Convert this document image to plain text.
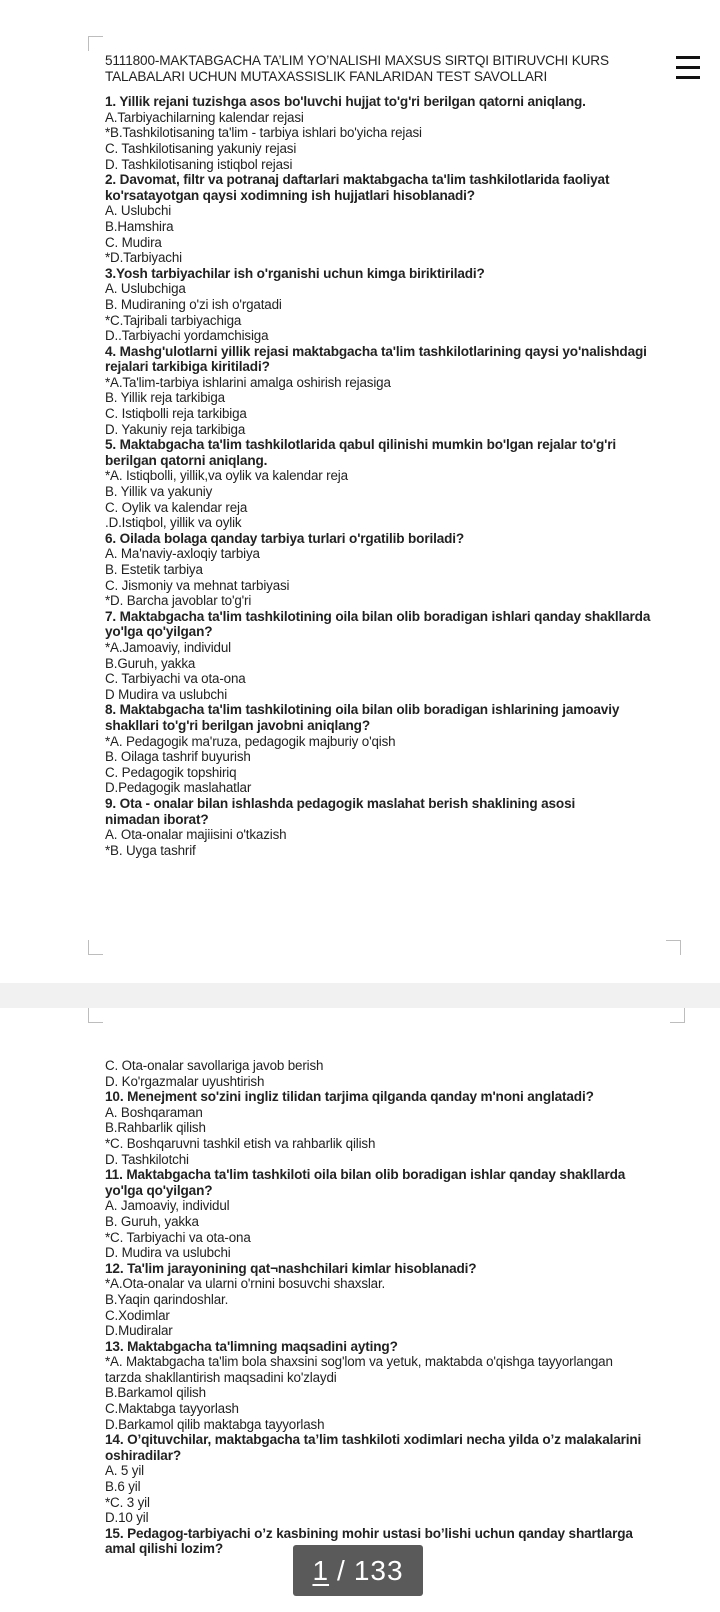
5111800-MAKTABGACHA TA’LIM YO’NALISHI MAXSUS SIRTQI BITIRUVCHI KURS
TALABALARI UCHUN MUTAXASSISLIK FANLARIDAN TEST SAVOLLARI
1. Yillik rejani tuzishga asos bo'luvchi hujjat to'g'ri berilgan qatorni aniqlang.
A.Tarbiyachilarning kalendar rejasi
*B.Tashkilotisaning ta'lim - tarbiya ishlari bo'yicha rejasi
C. Tashkilotisaning yakuniy rejasi
D. Tashkilotisaning istiqbol rejasi
2. Davomat, filtr va potranaj daftarlari maktabgacha ta'lim tashkilotlarida faoliyat
ko'rsatayotgan qaysi xodimning ish hujjatlari hisoblanadi?
A. Uslubchi
B.Hamshira
C. Mudira
*D.Tarbiyachi
3.Yosh tarbiyachilar ish o'rganishi uchun kimga biriktiriladi?
A. Uslubchiga
B. Mudiraning o'zi ish o'rgatadi
*C.Tajribali tarbiyachiga
D..Tarbiyachi yordamchisiga
4. Mashg'ulotlarni yillik rejasi maktabgacha ta'lim tashkilotlarining qaysi yo'nalishdagi
rejalari tarkibiga kiritiladi?
*A.Ta'lim-tarbiya ishlarini amalga oshirish rejasiga
B. Yillik reja tarkibiga
C. Istiqbolli reja tarkibiga
D. Yakuniy reja tarkibiga
5. Maktabgacha ta'lim tashkilotlarida qabul qilinishi mumkin bo'lgan rejalar to'g'ri
berilgan qatorni aniqlang.
*A. Istiqbolli, yillik,va oylik va kalendar reja
B. Yillik va yakuniy
C. Oylik va kalendar reja
.D.Istiqbol, yillik va oylik
6. Oilada bolaga qanday tarbiya turlari o'rgatilib boriladi?
A. Ma'naviy-axloqiy tarbiya
B. Estetik tarbiya
C. Jismoniy va mehnat tarbiyasi
*D. Barcha javoblar to'g'ri
7. Maktabgacha ta'lim tashkilotining oila bilan olib boradigan ishlari qanday shakllarda
yo'lga qo'yilgan?
*A.Jamoaviy, individul
B.Guruh, yakka
C. Tarbiyachi va ota-ona
D Mudira va uslubchi
8. Maktabgacha ta'lim tashkilotining oila bilan olib boradigan ishlarining jamoaviy
shakllari to'g'ri berilgan javobni aniqlang?
*A. Pedagogik ma'ruza, pedagogik majburiy o'qish
B. Oilaga tashrif buyurish
C. Pedagogik topshiriq
D.Pedagogik maslahatlar
9. Ota - onalar bilan ishlashda pedagogik maslahat berish shaklining asosi
nimadan iborat?
A. Ota-onalar majiisini o'tkazish
*B. Uyga tashrif
C. Ota-onalar savollariga javob berish
D. Ko'rgazmalar uyushtirish
10. Menejment so'zini ingliz tilidan tarjima qilganda qanday m'noni anglatadi?
A. Boshqaraman
B.Rahbarlik qilish
*C. Boshqaruvni tashkil etish va rahbarlik qilish
D. Tashkilotchi
11. Maktabgacha ta'lim tashkiloti oila bilan olib boradigan ishlar qanday shakllarda
yo'lga qo'yilgan?
A. Jamoaviy, individul
B. Guruh, yakka
*C. Tarbiyachi va ota-ona
D. Mudira va uslubchi
12. Ta'lim jarayonining qat¬nashchilari kimlar hisoblanadi?
*A.Ota-onalar va ularni o'rnini bosuvchi shaxslar.
B.Yaqin qarindoshlar.
C.Xodimlar
D.Mudiralar
13. Maktabgacha ta'limning maqsadini ayting?
*A. Maktabgacha ta'lim bola shaxsini sog'lom va yetuk, maktabda o'qishga tayyorlangan
tarzda shakllantirish maqsadini ko'zlaydi
B.Barkamol qilish
C.Maktabga tayyorlash
D.Barkamol qilib maktabga tayyorlash
14. O’qituvchilar, maktabgacha ta’lim tashkiloti xodimlari necha yilda o’z malakalarini
oshiradilar?
A. 5 yil
B.6 yil
*C. 3 yil
D.10 yil
15. Pedagog-tarbiyachi o’z kasbining mohir ustasi bo’lishi uchun qanday shartlarga
amal qilishi lozim?
1 / 133
